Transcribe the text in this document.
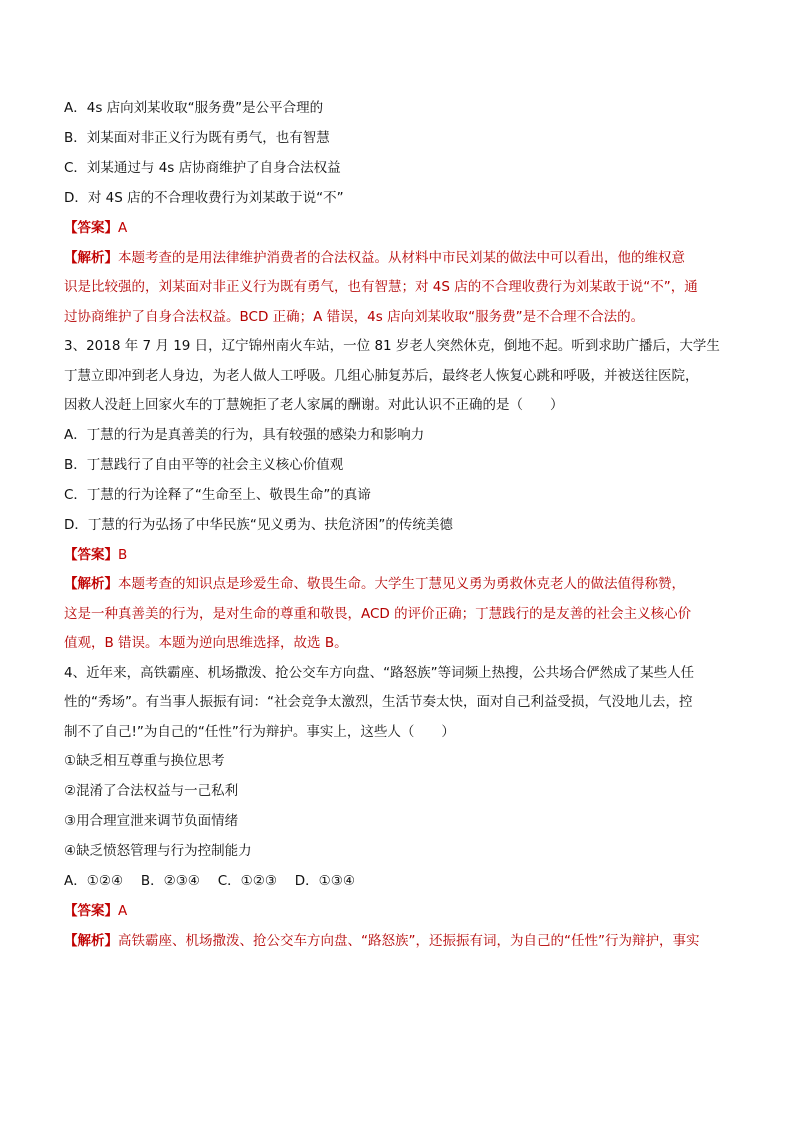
A．4s 店向刘某收取“服务费”是公平合理的

B．刘某面对非正义行为既有勇气，也有智慧

C．刘某通过与 4s 店协商维护了自身合法权益

D．对 4S 店的不合理收费行为刘某敢于说“不”

【答案】A

【解析】本题考查的是用法律维护消费者的合法权益。从材料中市民刘某的做法中可以看出，他的维权意

识是比较强的，刘某面对非正义行为既有勇气，也有智慧；对 4S 店的不合理收费行为刘某敢于说“不”，通

过协商维护了自身合法权益。BCD 正确；A 错误，4s 店向刘某收取“服务费”是不合理不合法的。

3、2018 年 7 月 19 日，辽宁锦州南火车站，一位 81 岁老人突然休克，倒地不起。听到求助广播后，大学生

丁慧立即冲到老人身边，为老人做人工呼吸。几组心肺复苏后，最终老人恢复心跳和呼吸，并被送往医院，

因救人没赶上回家火车的丁慧婉拒了老人家属的酬谢。对此认识不正确的是（　　）

A．丁慧的行为是真善美的行为，具有较强的感染力和影响力

B．丁慧践行了自由平等的社会主义核心价值观

C．丁慧的行为诠释了“生命至上、敬畏生命”的真谛

D．丁慧的行为弘扬了中华民族“见义勇为、扶危济困”的传统美德

【答案】B

【解析】本题考查的知识点是珍爱生命、敬畏生命。大学生丁慧见义勇为勇救休克老人的做法值得称赞，

这是一种真善美的行为，是对生命的尊重和敬畏，ACD 的评价正确；丁慧践行的是友善的社会主义核心价

值观，B 错误。本题为逆向思维选择，故选 B。

4、近年来，高铁霸座、机场撒泼、抢公交车方向盘、“路怒族”等词频上热搜，公共场合俨然成了某些人任

性的“秀场”。有当事人振振有词：“社会竞争太激烈，生活节奏太快，面对自己利益受损，气没地儿去，控

制不了自己!”为自己的“任性”行为辩护。事实上，这些人（　　）

①缺乏相互尊重与换位思考

②混淆了合法权益与一己私利

③用合理宣泄来调节负面情绪

④缺乏愤怒管理与行为控制能力

A．①②④　 B．②③④　 C．①②③　 D．①③④

【答案】A

【解析】高铁霸座、机场撒泼、抢公交车方向盘、“路怒族”，还振振有词，为自己的“任性”行为辩护，事实
